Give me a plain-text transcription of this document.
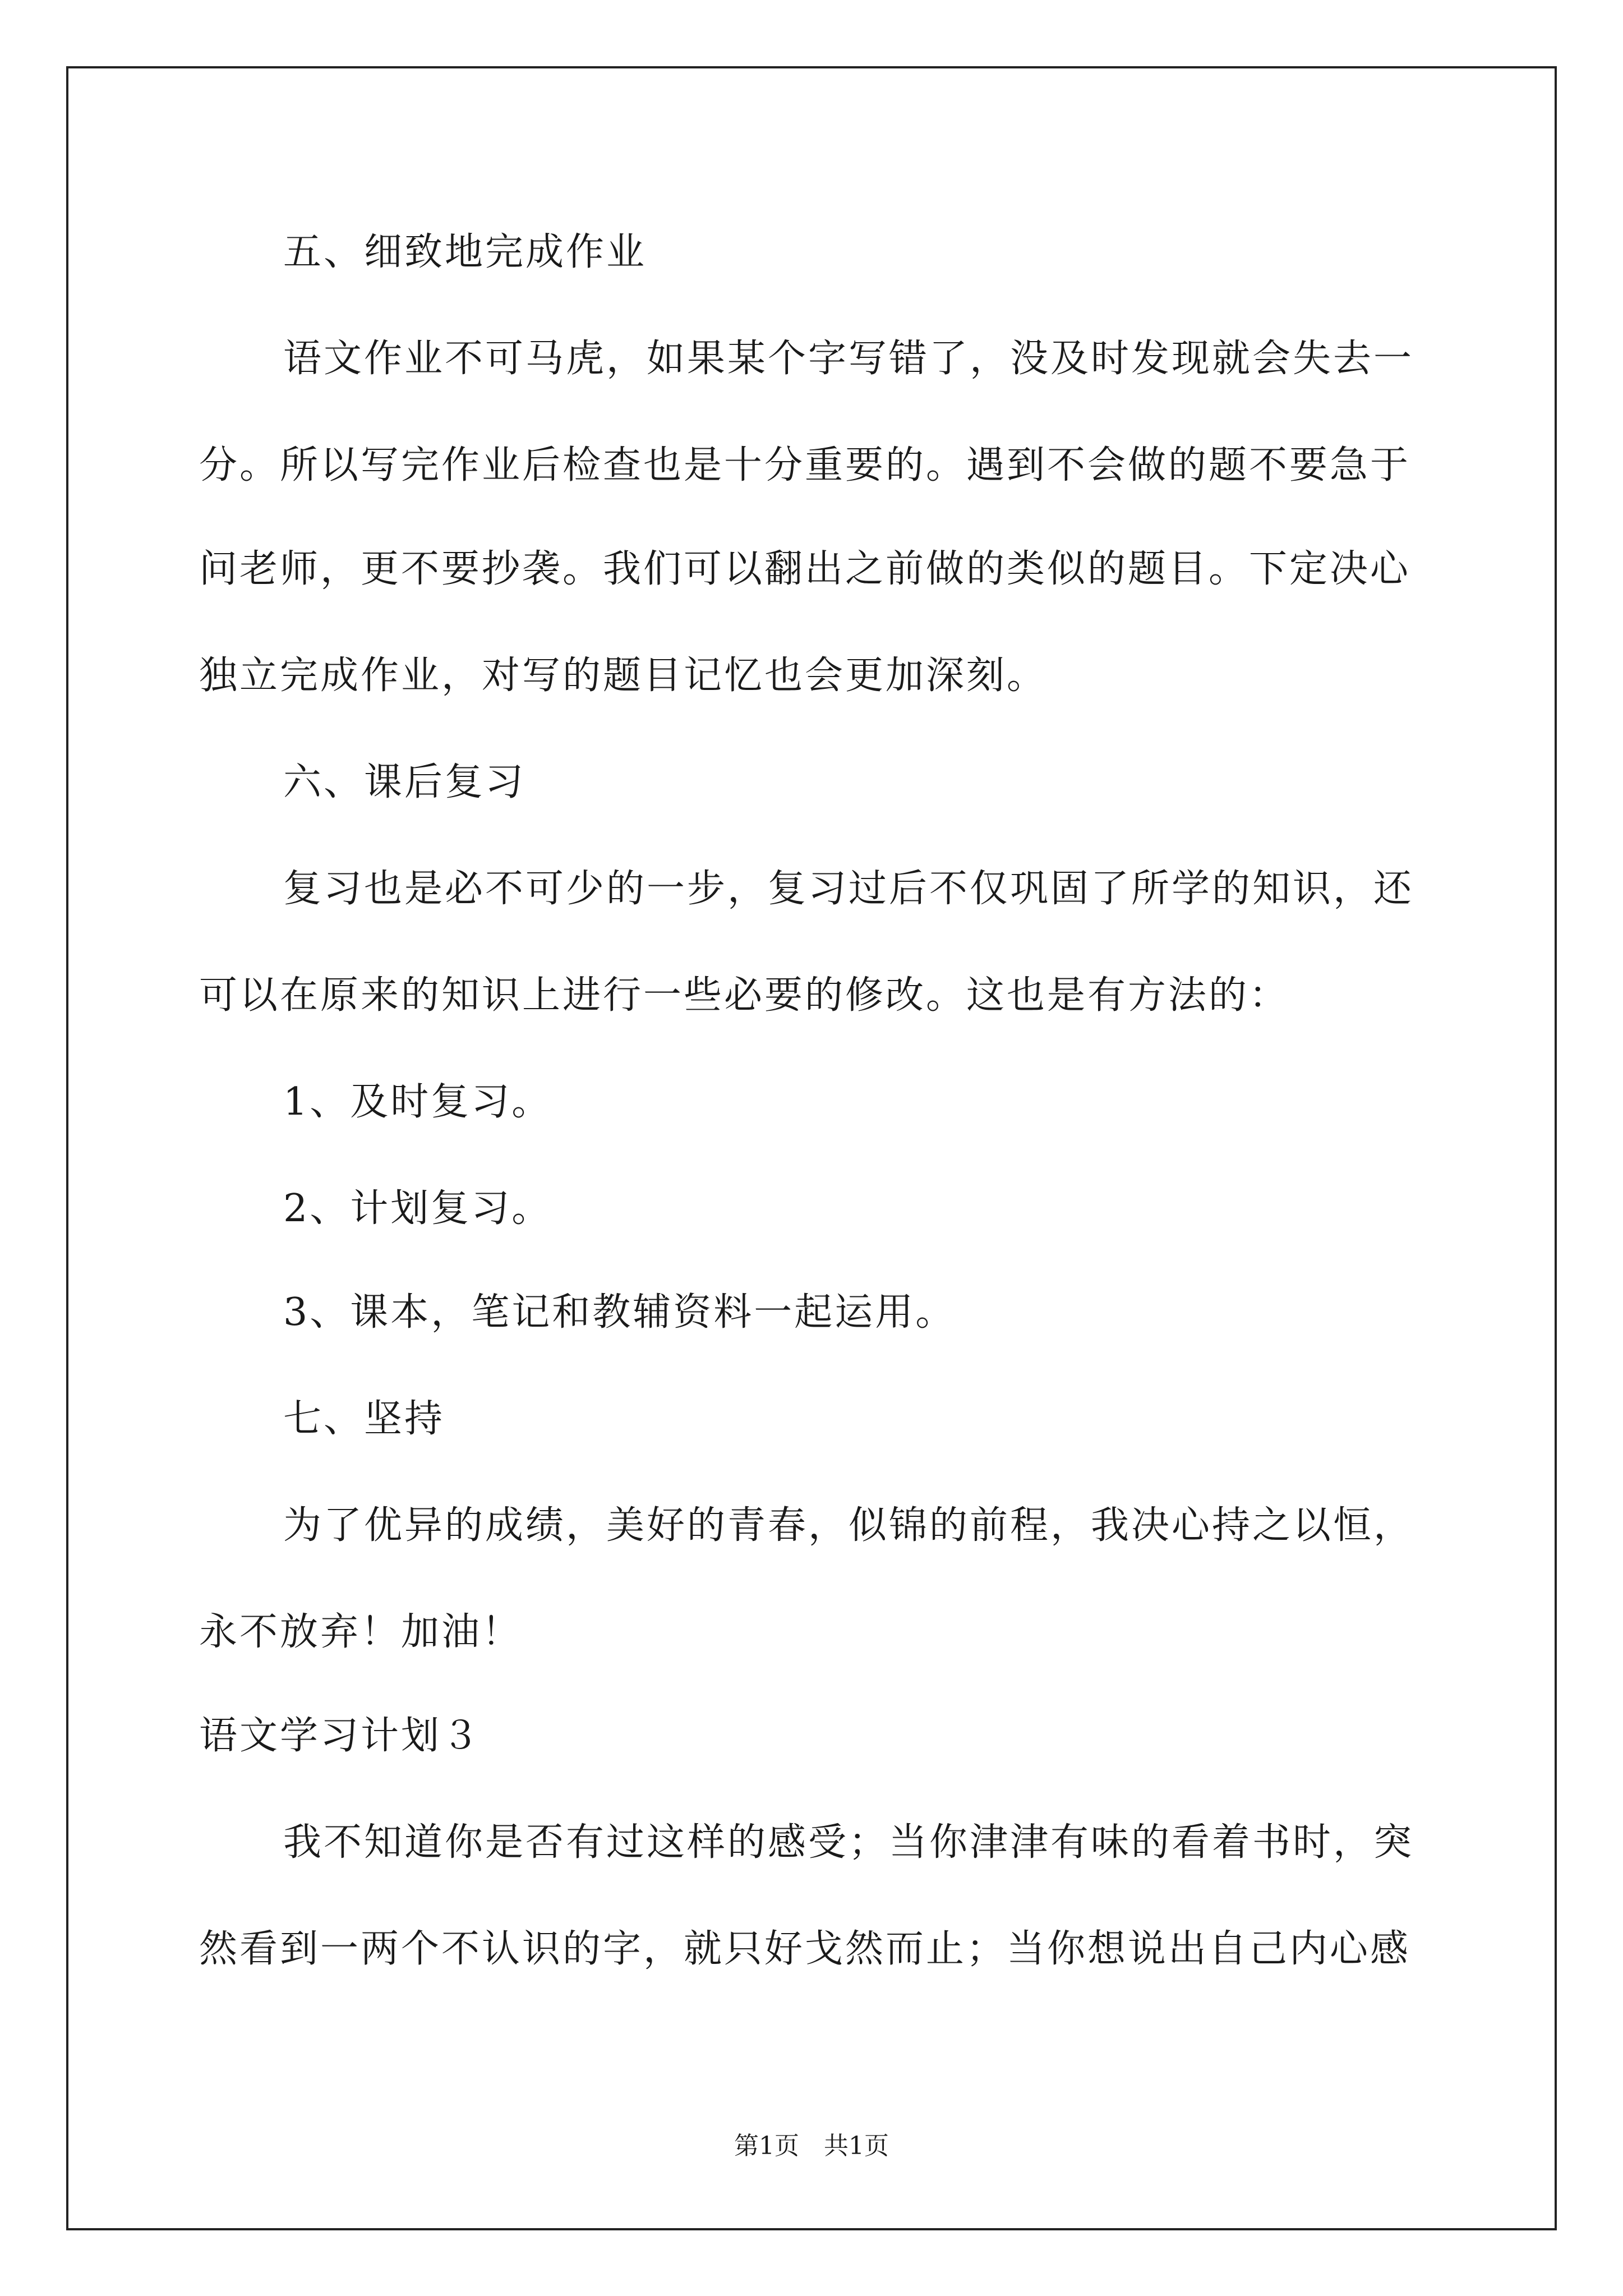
五、细致地完成作业
语文作业不可马虎，如果某个字写错了，没及时发现就会失去一
分。所以写完作业后检查也是十分重要的。遇到不会做的题不要急于
问老师，更不要抄袭。我们可以翻出之前做的类似的题目。下定决心
独立完成作业，对写的题目记忆也会更加深刻。
六、课后复习
复习也是必不可少的一步，复习过后不仅巩固了所学的知识，还
可以在原来的知识上进行一些必要的修改。这也是有方法的：
1、及时复习。
2、计划复习。
3、课本，笔记和教辅资料一起运用。
七、坚持
为了优异的成绩，美好的青春，似锦的前程，我决心持之以恒，
永不放弃！加油！
语文学习计划３
我不知道你是否有过这样的感受；当你津津有味的看着书时，突
然看到一两个不认识的字，就只好戈然而止；当你想说出自己内心感
第1页　共1页
